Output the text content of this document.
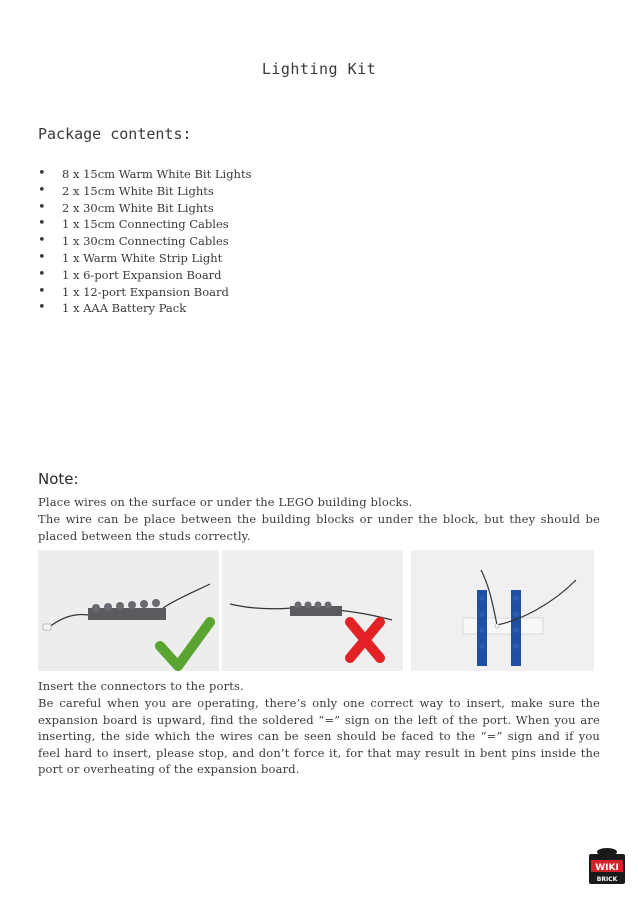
Lighting Kit
Package contents:
•	8 x 15cm Warm White Bit Lights
•	2 x 15cm White Bit Lights
•	2 x 30cm White Bit Lights
•	1 x 15cm Connecting Cables
•	1 x 30cm Connecting Cables
•	1 x Warm White Strip Light
•	1 x 6-port Expansion Board
•	1 x 12-port Expansion Board
•	1 x AAA Battery Pack
Note:
Place wires on the surface or under the LEGO building blocks.
The wire can be place between the building blocks or under the block, but they should be placed between the studs correctly.
Insert the connectors to the ports.
Be careful when you are operating, there’s only one correct way to insert, make sure the expansion board is upward, find the soldered “=” sign on the left of the port. When you are inserting, the side which the wires can be seen should be faced to the “=” sign and if you feel hard to insert, please stop, and don’t force it, for that may result in bent pins inside the port or overheating of the expansion board.
WIKI
BRICK
